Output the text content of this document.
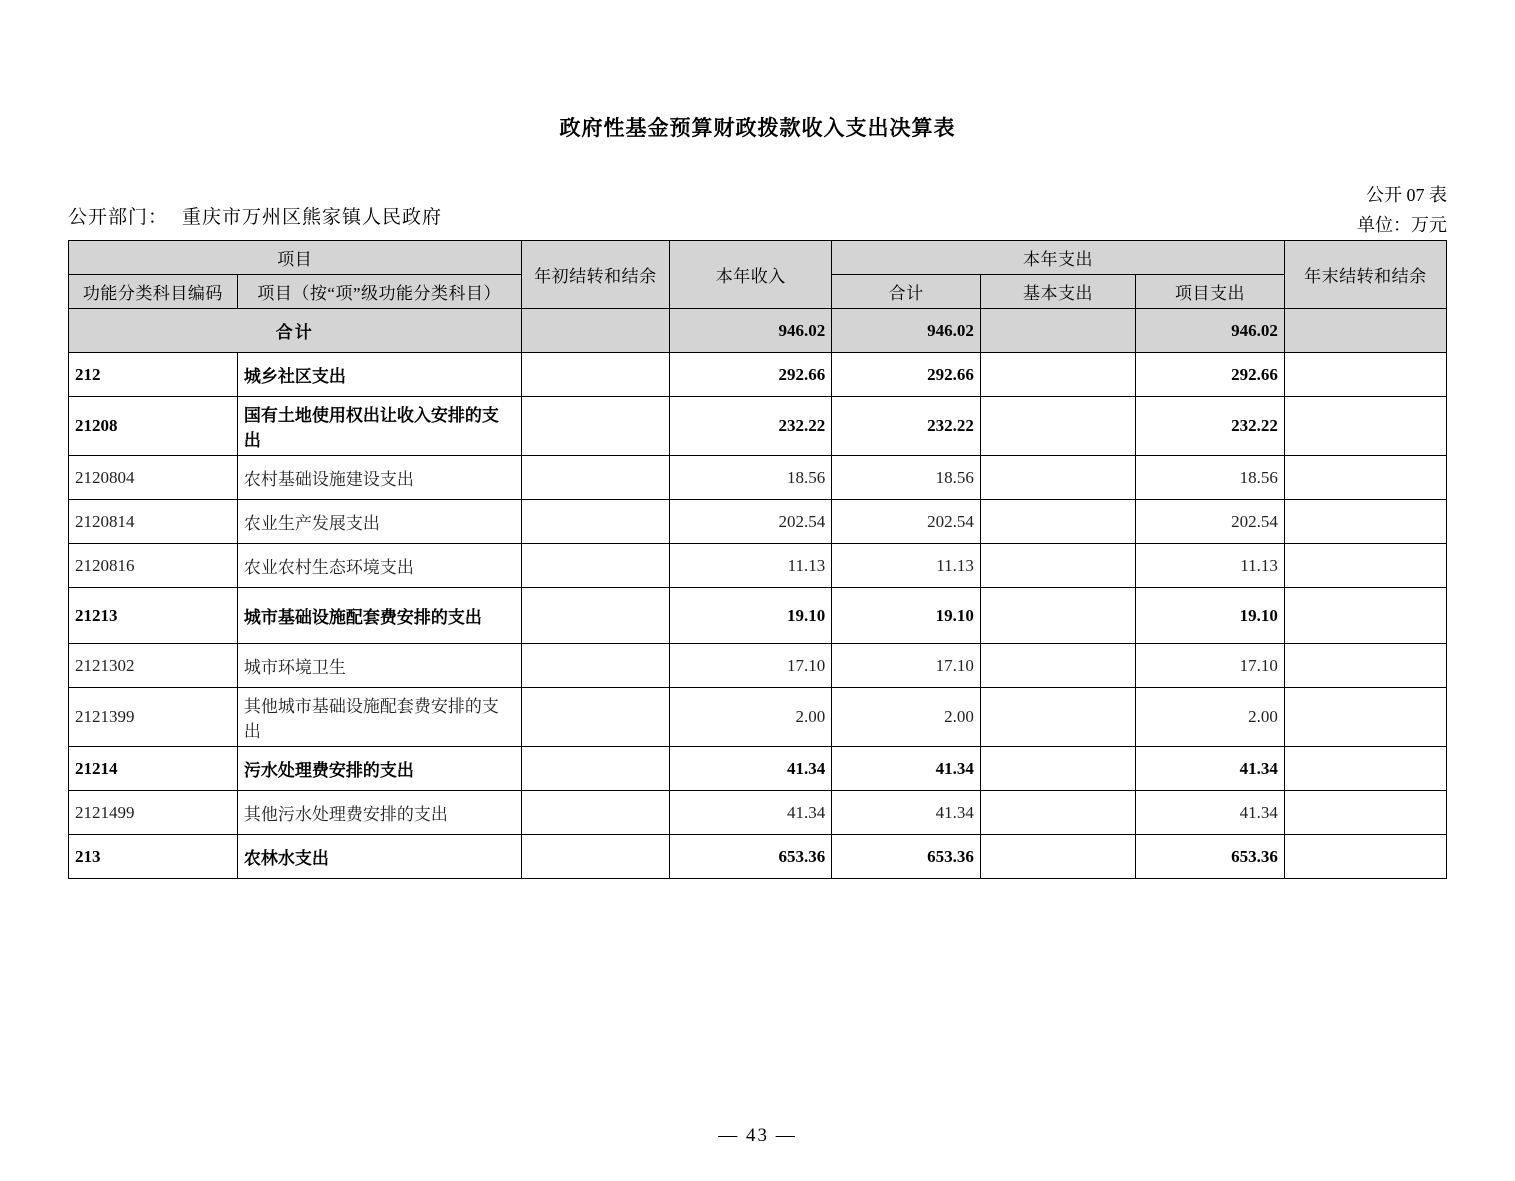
政府性基金预算财政拨款收入支出决算表
公开部门： 重庆市万州区熊家镇人民政府
公开 07 表
单位：万元
项目		年初结转和结余	本年收入	本年支出			年末结转和结余
功能分类科目编码	项目（按“项”级功能分类科目）			合计	基本支出	项目支出	
合计			946.02	946.02		946.02	
212	城乡社区支出		292.66	292.66		292.66	
21208	国有土地使用权出让收入安排的支出		232.22	232.22		232.22	
2120804	农村基础设施建设支出		18.56	18.56		18.56	
2120814	农业生产发展支出		202.54	202.54		202.54	
2120816	农业农村生态环境支出		11.13	11.13		11.13	
21213	城市基础设施配套费安排的支出		19.10	19.10		19.10	
2121302	城市环境卫生		17.10	17.10		17.10	
2121399	其他城市基础设施配套费安排的支出		2.00	2.00		2.00	
21214	污水处理费安排的支出		41.34	41.34		41.34	
2121499	其他污水处理费安排的支出		41.34	41.34		41.34	
213	农林水支出		653.36	653.36		653.36	
— 43 —
